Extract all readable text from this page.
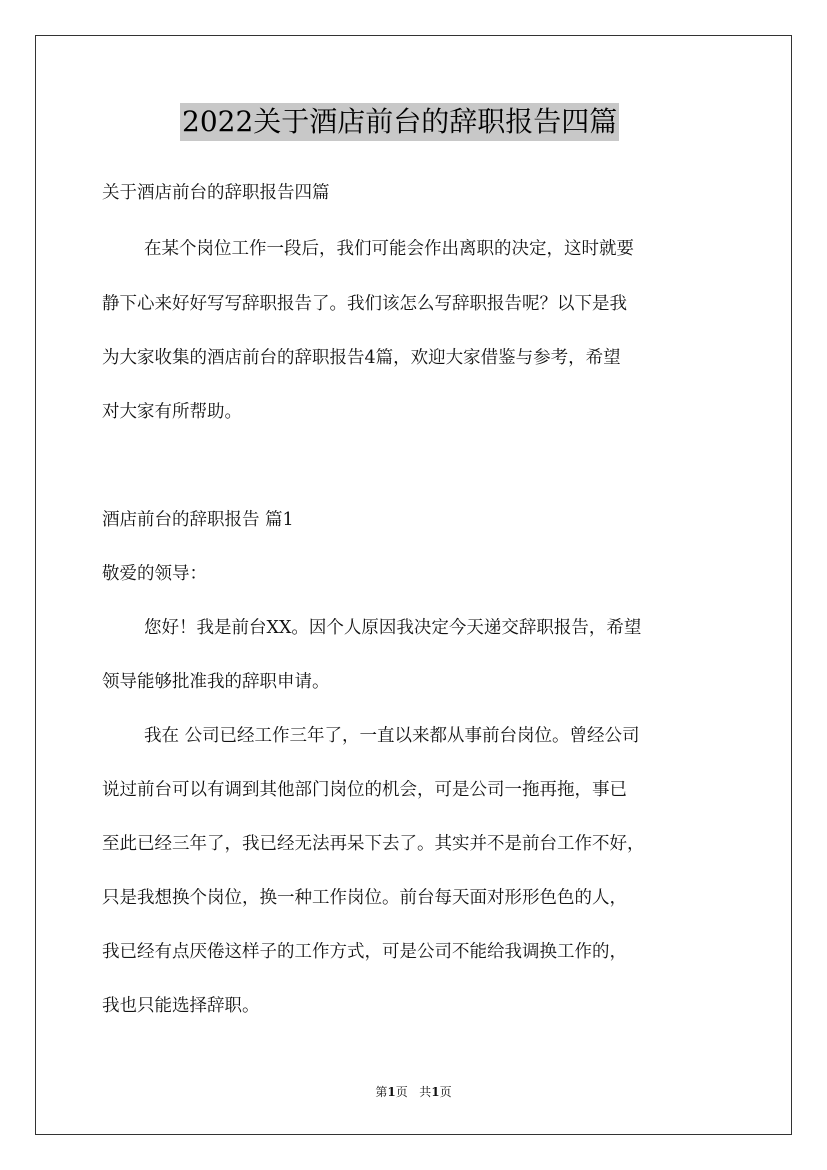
2022关于酒店前台的辞职报告四篇
关于酒店前台的辞职报告四篇
在某个岗位工作一段后，我们可能会作出离职的决定，这时就要
静下心来好好写写辞职报告了。我们该怎么写辞职报告呢？以下是我
为大家收集的酒店前台的辞职报告4篇，欢迎大家借鉴与参考，希望
对大家有所帮助。
酒店前台的辞职报告 篇1
敬爱的领导：
您好！我是前台XX。因个人原因我决定今天递交辞职报告，希望
领导能够批准我的辞职申请。
我在 公司已经工作三年了，一直以来都从事前台岗位。曾经公司
说过前台可以有调到其他部门岗位的机会，可是公司一拖再拖，事已
至此已经三年了，我已经无法再呆下去了。其实并不是前台工作不好，
只是我想换个岗位，换一种工作岗位。前台每天面对形形色色的人，
我已经有点厌倦这样子的工作方式，可是公司不能给我调换工作的，
我也只能选择辞职。
第1页 共1页
